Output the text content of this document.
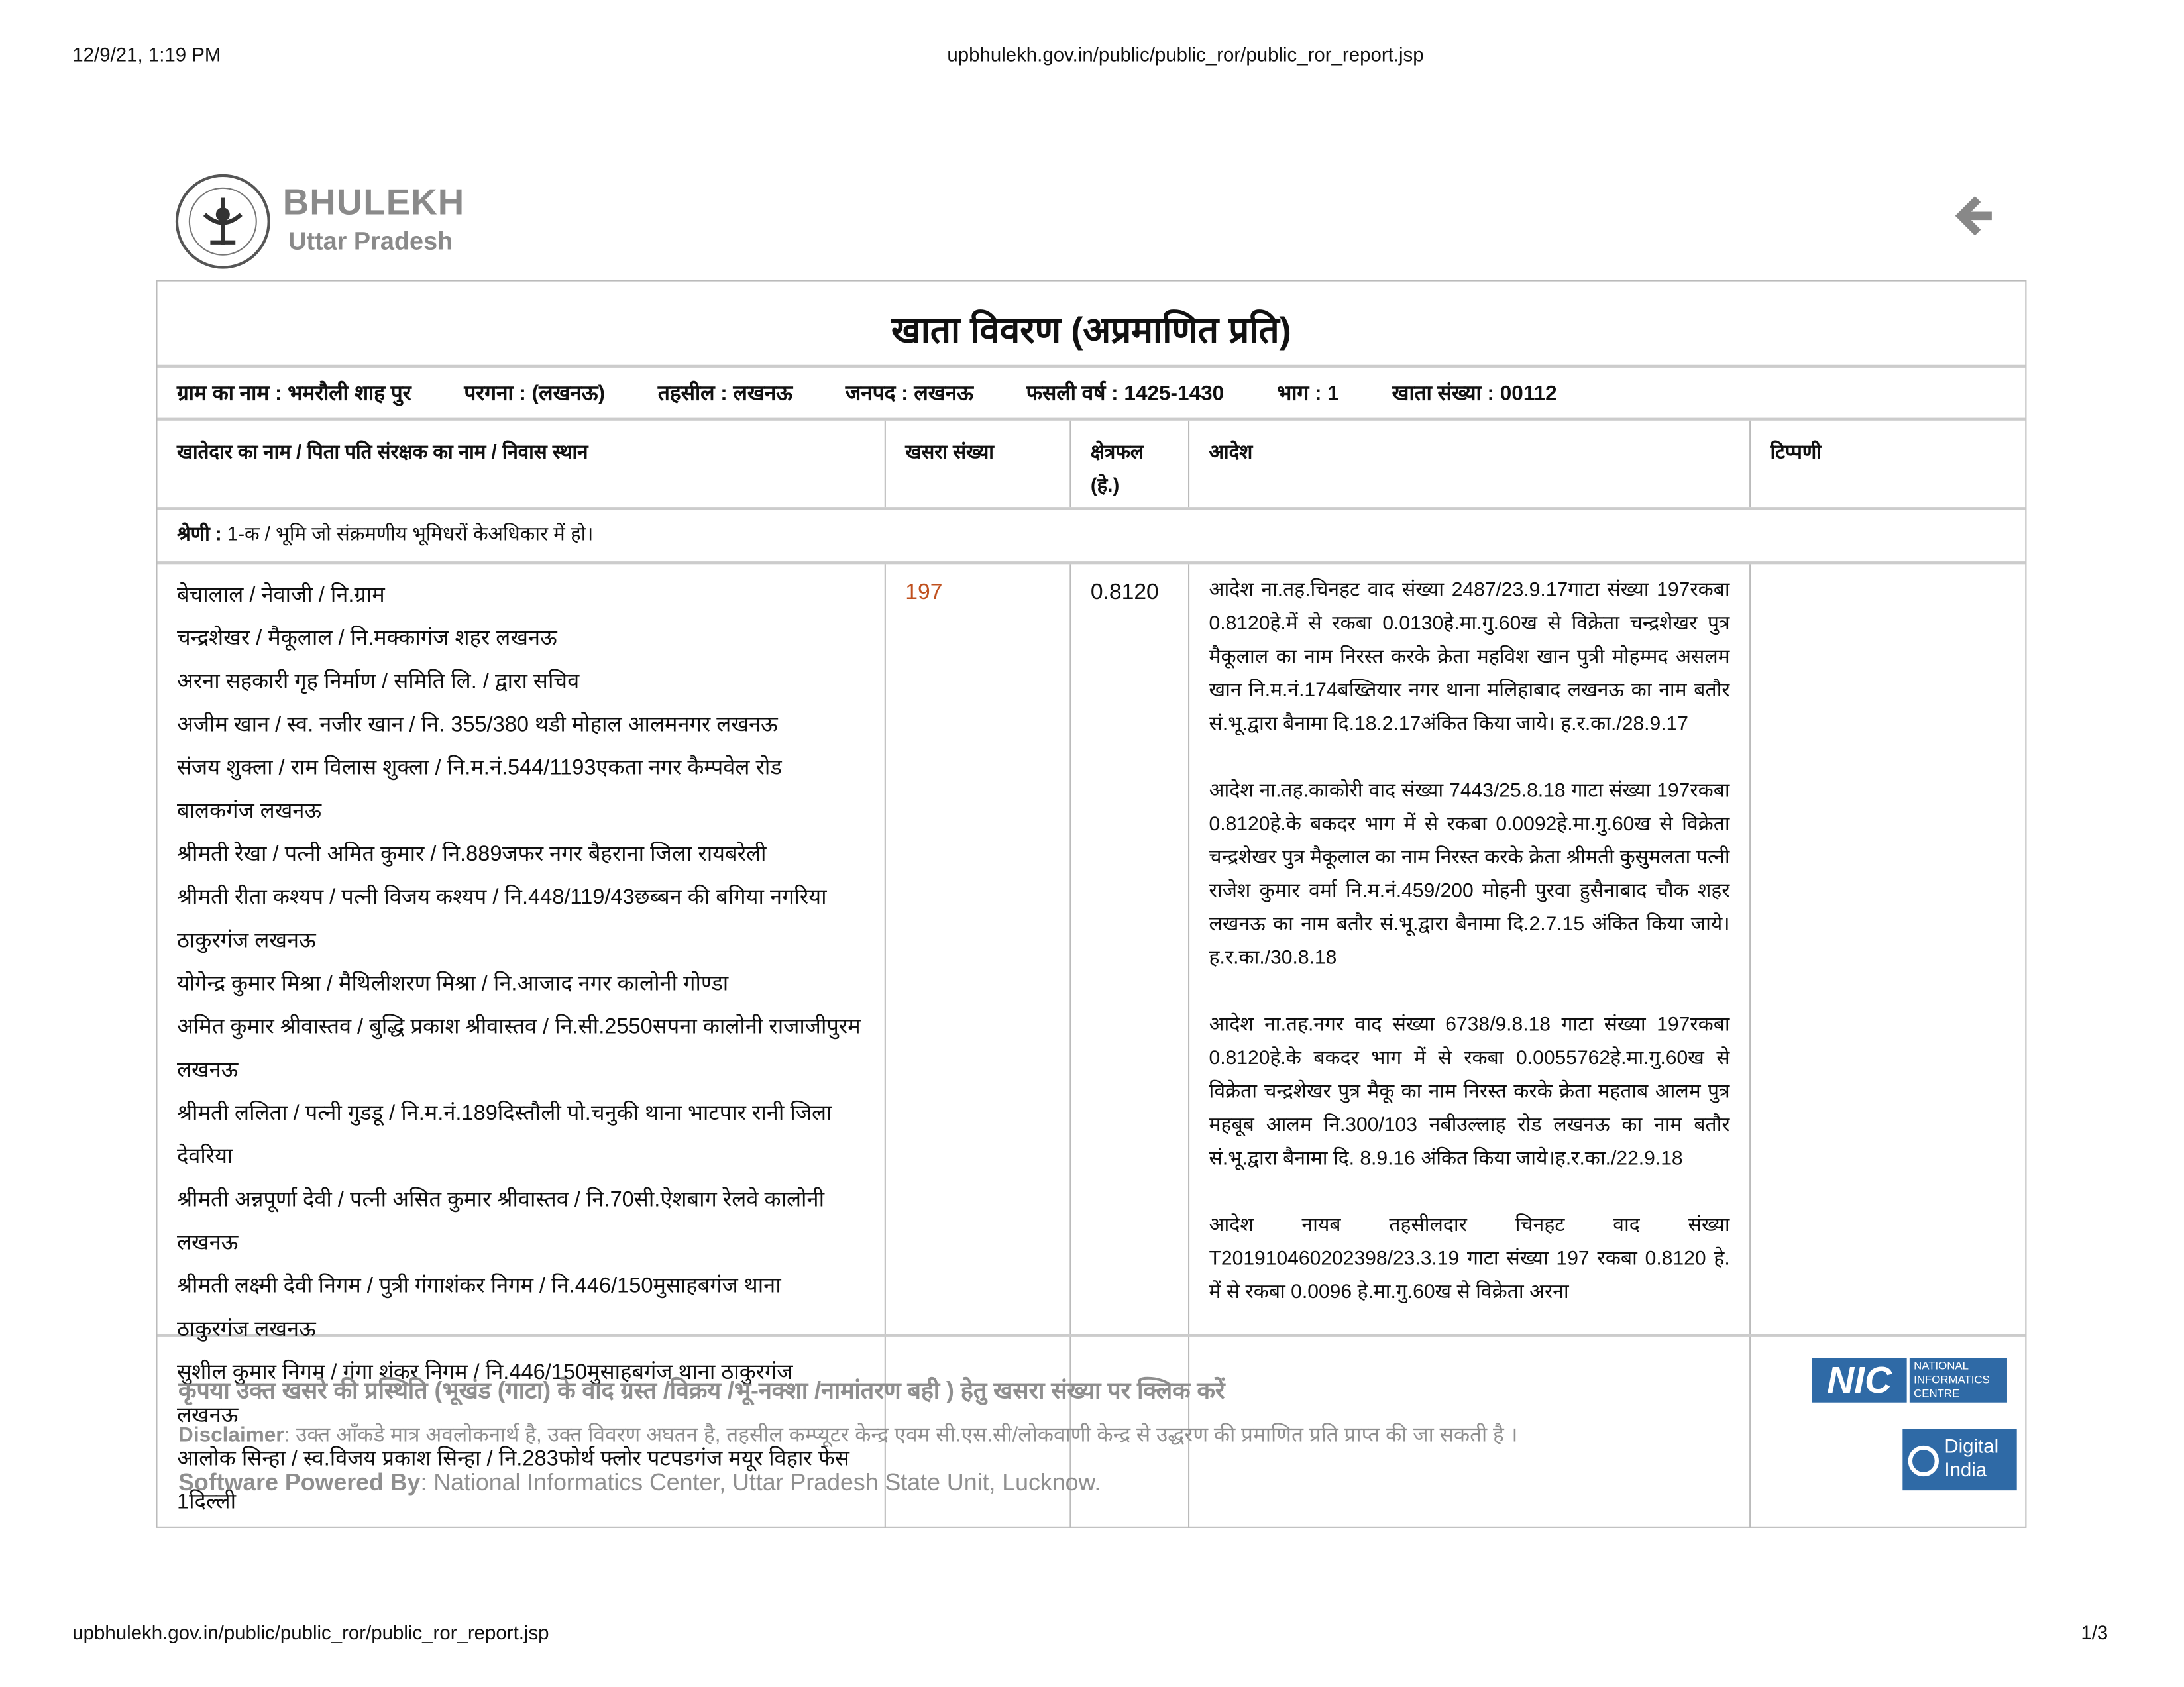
12/9/21, 1:19 PM	upbhulekh.gov.in/public/public_ror/public_ror_report.jsp
BHULEKH
Uttar Pradesh
खाता विवरण (अप्रमाणित प्रति)
ग्राम का नाम : भमरौली शाह पुर	परगना : (लखनऊ)	तहसील : लखनऊ	जनपद : लखनऊ	फसली वर्ष : 1425-1430	भाग : 1	खाता संख्या : 00112
खातेदार का नाम / पिता पति संरक्षक का नाम / निवास स्थान	खसरा संख्या	क्षेत्रफल (हे.)
आदेश	टिप्पणी
श्रेणी : 1-क / भूमि जो संक्रमणीय भूमिधरों केअधिकार में हो।
बेचालाल / नेवाजी / नि.ग्राम
चन्द्रशेखर / मैकूलाल / नि.मक्कागंज शहर लखनऊ
अरना सहकारी गृह निर्माण / समिति लि. / द्वारा सचिव
अजीम खान / स्व. नजीर खान / नि. 355/380 थडी मोहाल आलमनगर लखनऊ
संजय शुक्ला / राम विलास शुक्ला / नि.म.नं.544/1193एकता नगर कैम्पवेल रोड
बालकगंज लखनऊ
श्रीमती रेखा / पत्नी अमित कुमार / नि.889जफर नगर बैहराना जिला रायबरेली
श्रीमती रीता कश्यप / पत्नी विजय कश्यप / नि.448/119/43छब्बन की बगिया नगरिया
ठाकुरगंज लखनऊ
योगेन्द्र कुमार मिश्रा / मैथिलीशरण मिश्रा / नि.आजाद नगर कालोनी गोण्डा
अमित कुमार श्रीवास्तव / बुद्धि प्रकाश श्रीवास्तव / नि.सी.2550सपना कालोनी राजाजीपुरम
लखनऊ
श्रीमती ललिता / पत्नी गुडडू / नि.म.नं.189दिस्तौली पो.चनुकी थाना भाटपार रानी जिला
देवरिया
श्रीमती अन्नपूर्णा देवी / पत्नी असित कुमार श्रीवास्तव / नि.70सी.ऐशबाग रेलवे कालोनी
लखनऊ
श्रीमती लक्ष्मी देवी निगम / पुत्री गंगाशंकर निगम / नि.446/150मुसाहबगंज थाना
ठाकुरगंज लखनऊ
सुशील कुमार निगम / गंगा शंकर निगम / नि.446/150मुसाहबगंज थाना ठाकुरगंज
लखनऊ
आलोक सिन्हा / स्व.विजय प्रकाश सिन्हा / नि.283फोर्थ फ्लोर पटपडगंज मयूर विहार फेस
1दिल्ली
197	0.8120	आदेश ना.तह.चिनहट वाद संख्या 2487/23.9.17गाटा संख्या 197रकबा 0.8120हे.में से रकबा 0.0130हे.मा.गु.60ख से विक्रेता चन्द्रशेखर पुत्र मैकूलाल का नाम निरस्त करके क्रेता महविश खान पुत्री मोहम्मद असलम खान नि.म.नं.174बख्तियार नगर थाना मलिहाबाद लखनऊ का नाम बतौर सं.भू.द्वारा बैनामा दि.18.2.17अंकित किया जाये। ह.र.का./28.9.17

आदेश ना.तह.काकोरी वाद संख्या 7443/25.8.18 गाटा संख्या 197रकबा 0.8120हे.के बकदर भाग में से रकबा 0.0092हे.मा.गु.60ख से विक्रेता चन्द्रशेखर पुत्र मैकूलाल का नाम निरस्त करके क्रेता श्रीमती कुसुमलता पत्नी राजेश कुमार वर्मा नि.म.नं.459/200 मोहनी पुरवा हुसैनाबाद चौक शहर लखनऊ का नाम बतौर सं.भू.द्वारा बैनामा दि.2.7.15 अंकित किया जाये।ह.र.का./30.8.18

आदेश ना.तह.नगर वाद संख्या 6738/9.8.18 गाटा संख्या 197रकबा 0.8120हे.के बकदर भाग में से रकबा 0.0055762हे.मा.गु.60ख से विक्रेता चन्द्रशेखर पुत्र मैकू का नाम निरस्त करके क्रेता महताब आलम पुत्र महबूब आलम नि.300/103 नबीउल्लाह रोड लखनऊ का नाम बतौर सं.भू.द्वारा बैनामा दि. 8.9.16 अंकित किया जाये।ह.र.का./22.9.18

आदेश नायब तहसीलदार चिनहट वाद संख्या T201910460202398/23.3.19 गाटा संख्या 197 रकबा 0.8120 हे. में से रकबा 0.0096 हे.मा.गु.60ख से विक्रेता अरना

कृपया उक्त खसरे की प्रस्थिति (भूखंड (गाटा) के वाद ग्रस्त /विक्रय /भू-नक्शा /नामांतरण बही ) हेतु खसरा संख्या पर क्लिक करें
Disclaimer: उक्त आँकडे मात्र अवलोकनार्थ है, उक्त विवरण अघतन है, तहसील कम्प्यूटर केन्द्र एवम सी.एस.सी/लोकवाणी केन्द्र से उद्धरण की प्रमाणित प्रति प्राप्त की जा सकती है ।
Software Powered By: National Informatics Center, Uttar Pradesh State Unit, Lucknow.
NIC	NATIONAL INFORMATICS CENTRE
Digital India
upbhulekh.gov.in/public/public_ror/public_ror_report.jsp	1/3
